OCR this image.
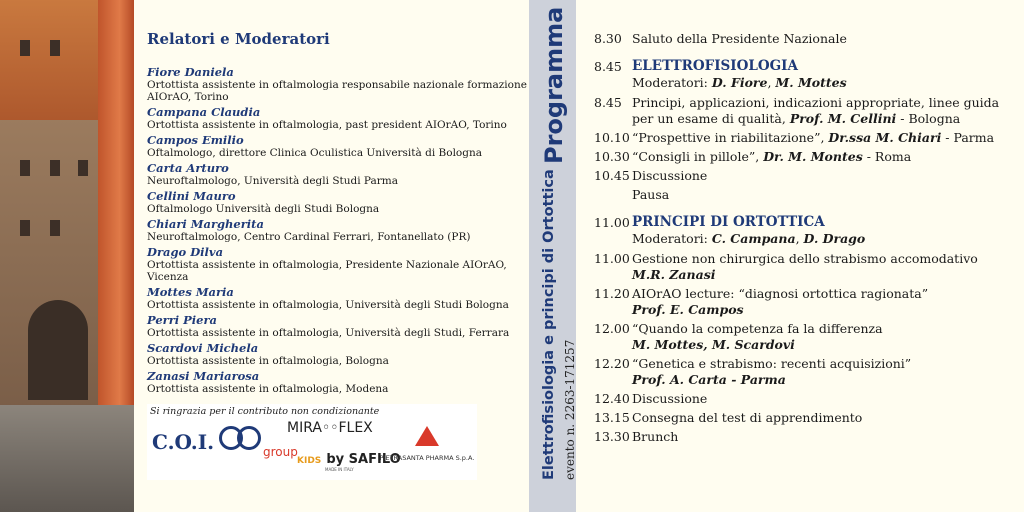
Relatori e Moderatori
Fiore Daniela
Ortottista assistente in oftalmologia responsabile nazionale formazione AIOrAO, Torino
Campana Claudia
Ortottista assistente in oftalmologia, past president AIOrAO, Torino
Campos Emilio
Oftalmologo, direttore Clinica Oculistica Università di Bologna
Carta Arturo
Neuroftalmologo, Università degli Studi Parma
Cellini Mauro
Oftalmologo Università degli Studi Bologna
Chiari Margherita
Neuroftalmologo, Centro Cardinal Ferrari, Fontanellato (PR)
Drago Dilva
Ortottista assistente in oftalmologia, Presidente Nazionale AIOrAO, Vicenza
Mottes Maria
Ortottista assistente in oftalmologia, Università degli Studi Bologna
Perri Piera
Ortottista assistente in oftalmologia, Università degli Studi, Ferrara
Scardovi Michela
Ortottista assistente in oftalmologia, Bologna
Zanasi Mariarosa
Ortottista assistente in oftalmologia, Modena
Si ringrazia per il contributo non condizionante
C.O.I.	$_{group}$
MIRA◦◦FLEX
KIDS by SAFILO
MADE IN ITALY
PIETRASANTA PHARMA S.p.A.
Programma
Elettrofisiologia e principi di Ortottica evento n. 2263-171257
8.30 Saluto della Presidente Nazionale
8.45 ELETTROFISIOLOGIA
Moderatori: D. Fiore, M. Mottes
8.45 Principi, applicazioni, indicazioni appropriate, linee guida per un esame di qualità, Prof. M. Cellini - Bologna
10.10 “Prospettive in riabilitazione”, Dr.ssa M. Chiari - Parma
10.30 “Consigli in pillole”, Dr. M. Montes - Roma
10.45 Discussione
Pausa
11.00 PRINCIPI DI ORTOTTICA
Moderatori: C. Campana, D. Drago
11.00 Gestione non chirurgica dello strabismo accomodativo
M.R. Zanasi
11.20 AIOrAO lecture: “diagnosi ortottica ragionata”
Prof. E. Campos
12.00 “Quando la competenza fa la differenza
M. Mottes, M. Scardovi
12.20 “Genetica e strabismo: recenti acquisizioni”
Prof. A. Carta - Parma
12.40 Discussione
13.15 Consegna del test di apprendimento
13.30 Brunch
